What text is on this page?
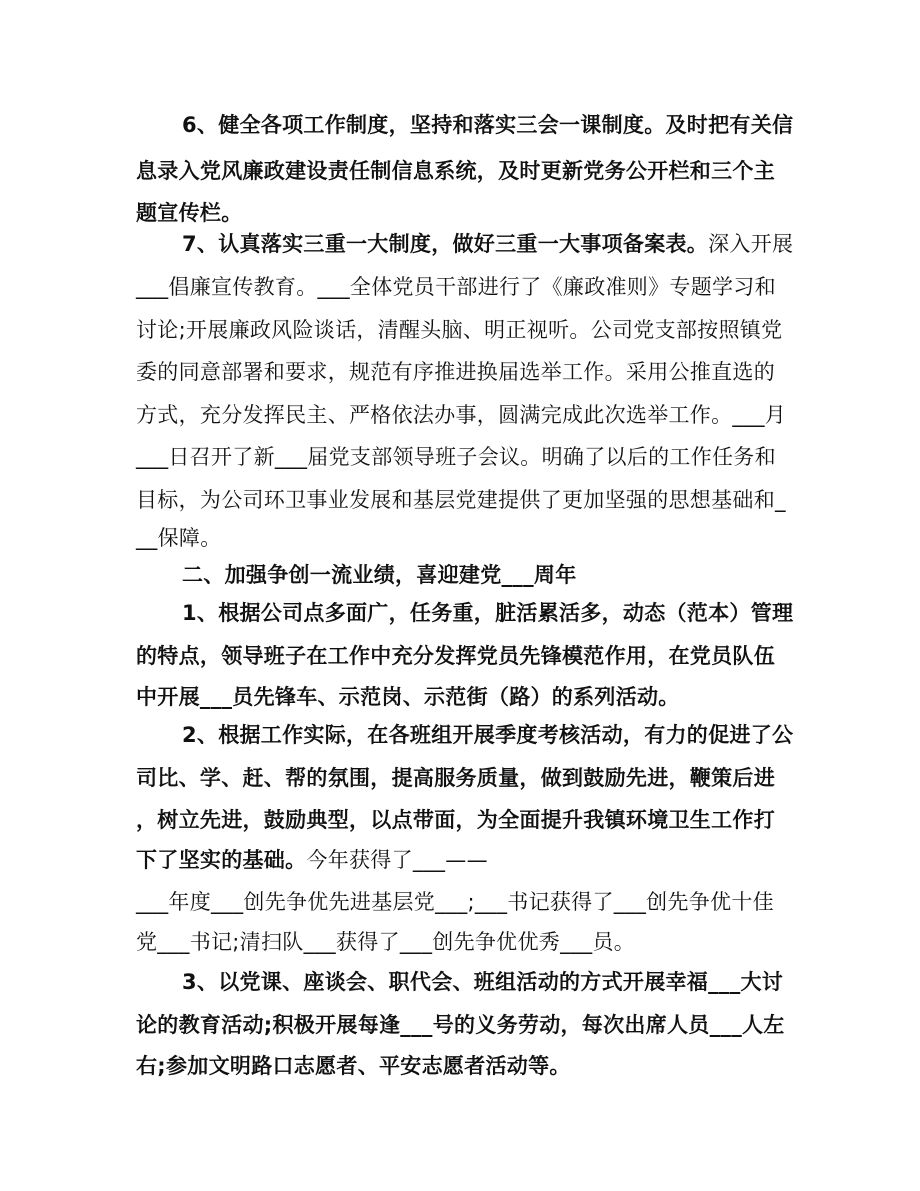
6、健全各项工作制度，坚持和落实三会一课制度。及时把有关信
息录入党风廉政建设责任制信息系统，及时更新党务公开栏和三个主
题宣传栏。
7、认真落实三重一大制度，做好三重一大事项备案表。深入开展
___倡廉宣传教育。___全体党员干部进行了《廉政准则》专题学习和
讨论;开展廉政风险谈话，清醒头脑、明正视听。公司党支部按照镇党
委的同意部署和要求，规范有序推进换届选举工作。采用公推直选的
方式，充分发挥民主、严格依法办事，圆满完成此次选举工作。___月
___日召开了新___届党支部领导班子会议。明确了以后的工作任务和
目标，为公司环卫事业发展和基层党建提供了更加坚强的思想基础和_
__保障。
二、加强争创一流业绩，喜迎建党___周年
1、根据公司点多面广，任务重，脏活累活多，动态（范本）管理
的特点，领导班子在工作中充分发挥党员先锋模范作用，在党员队伍
中开展___员先锋车、示范岗、示范街（路）的系列活动。
2、根据工作实际，在各班组开展季度考核活动，有力的促进了公
司比、学、赶、帮的氛围，提高服务质量，做到鼓励先进，鞭策后进
，树立先进，鼓励典型，以点带面，为全面提升我镇环境卫生工作打
下了坚实的基础。今年获得了___——
___年度___创先争优先进基层党___;___书记获得了___创先争优十佳
党___书记;清扫队___获得了___创先争优优秀___员。
3、以党课、座谈会、职代会、班组活动的方式开展幸福___大讨
论的教育活动;积极开展每逢___号的义务劳动，每次出席人员___人左
右;参加文明路口志愿者、平安志愿者活动等。
